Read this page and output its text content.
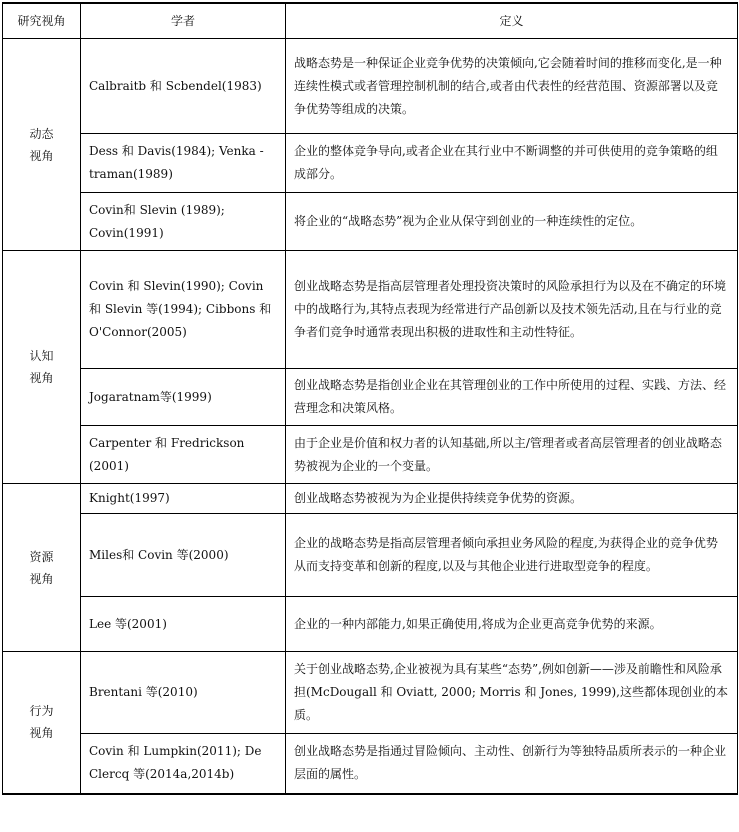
研究视角	学者	定义

动态
视角	Calbraitb 和 Scbendel(1983)	战略态势是一种保证企业竞争优势的决策倾向,它会随着时间的推移而变化,是一种连续性模式或者管理控制机制的结合,或者由代表性的经营范围、资源部署以及竞争优势等组成的决策。
	Dess 和 Davis(1984); Venka -traman(1989)	企业的整体竞争导向,或者企业在其行业中不断调整的并可供使用的竞争策略的组成部分。
	Covin和 Slevin (1989); Covin(1991)	将企业的“战略态势”视为企业从保守到创业的一种连续性的定位。

认知
视角	Covin 和 Slevin(1990); Covin 和 Slevin 等(1994); Cibbons 和 O'Connor(2005)	创业战略态势是指高层管理者处理投资决策时的风险承担行为以及在不确定的环境中的战略行为,其特点表现为经常进行产品创新以及技术领先活动,且在与行业的竞争者们竞争时通常表现出积极的进取性和主动性特征。
	Jogaratnam等(1999)	创业战略态势是指创业企业在其管理创业的工作中所使用的过程、实践、方法、经营理念和决策风格。
	Carpenter 和 Fredrickson (2001)	由于企业是价值和权力者的认知基础,所以主/管理者或者高层管理者的创业战略态势被视为企业的一个变量。

资源
视角	Knight(1997)	创业战略态势被视为为企业提供持续竞争优势的资源。
	Miles和 Covin 等(2000)	企业的战略态势是指高层管理者倾向承担业务风险的程度,为获得企业的竞争优势从而支持变革和创新的程度,以及与其他企业进行进取型竞争的程度。
	Lee 等(2001)	企业的一种内部能力,如果正确使用,将成为企业更高竞争优势的来源。

行为
视角	Brentani 等(2010)	关于创业战略态势,企业被视为具有某些“态势”,例如创新——涉及前瞻性和风险承担(McDougall 和 Oviatt, 2000; Morris 和 Jones, 1999),这些都体现创业的本质。
	Covin 和 Lumpkin(2011); De Clercq 等(2014a,2014b)	创业战略态势是指通过冒险倾向、主动性、创新行为等独特品质所表示的一种企业层面的属性。
